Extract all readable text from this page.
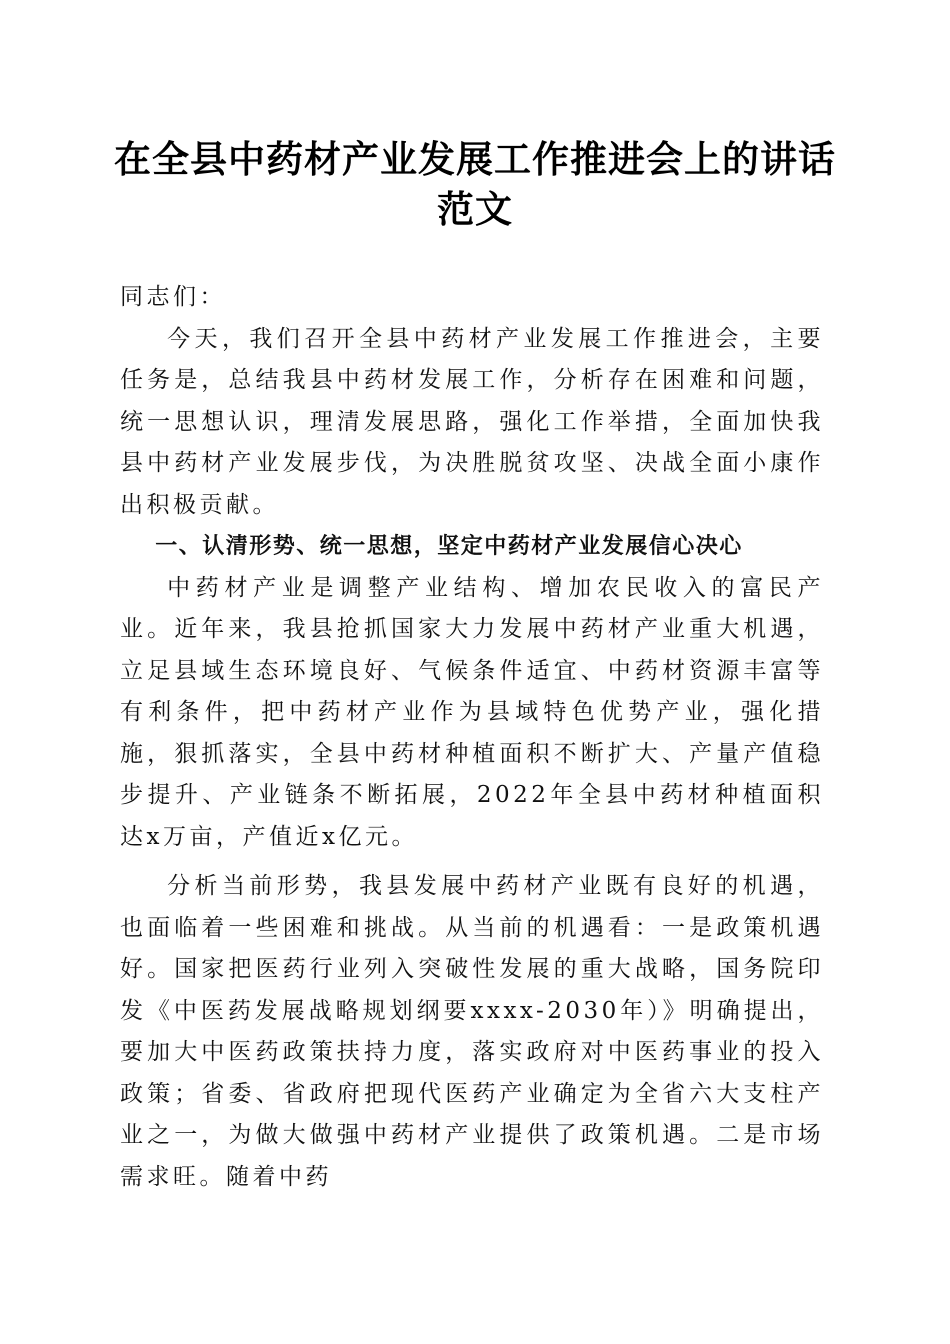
在全县中药材产业发展工作推进会上的讲话范文

同志们：

今天，我们召开全县中药材产业发展工作推进会，主要任务是，总结我县中药材发展工作，分析存在困难和问题，统一思想认识，理清发展思路，强化工作举措，全面加快我县中药材产业发展步伐，为决胜脱贫攻坚、决战全面小康作出积极贡献。

一、认清形势、统一思想，坚定中药材产业发展信心决心

中药材产业是调整产业结构、增加农民收入的富民产业。近年来，我县抢抓国家大力发展中药材产业重大机遇，立足县域生态环境良好、气候条件适宜、中药材资源丰富等有利条件，把中药材产业作为县域特色优势产业，强化措施，狠抓落实，全县中药材种植面积不断扩大、产量产值稳步提升、产业链条不断拓展，2022年全县中药材种植面积达x万亩，产值近x亿元。

分析当前形势，我县发展中药材产业既有良好的机遇，也面临着一些困难和挑战。从当前的机遇看：一是政策机遇好。国家把医药行业列入突破性发展的重大战略，国务院印发《中医药发展战略规划纲要xxxx-2030年）》明确提出，要加大中医药政策扶持力度，落实政府对中医药事业的投入政策；省委、省政府把现代医药产业确定为全省六大支柱产业之一，为做大做强中药材产业提供了政策机遇。二是市场需求旺。随着中药
